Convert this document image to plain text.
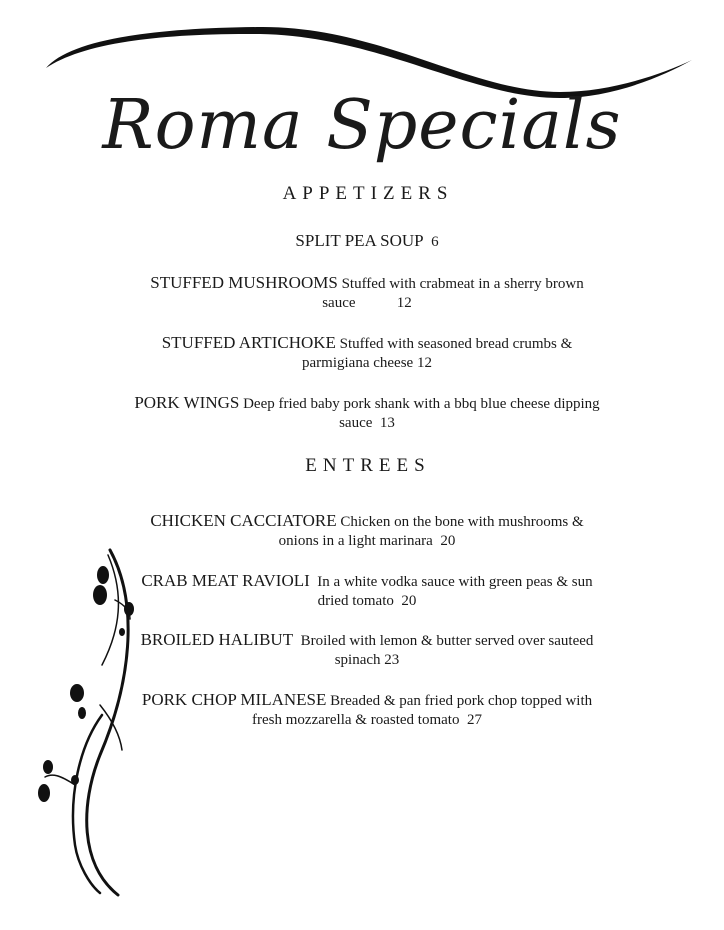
Roma Specials
APPETIZERS
SPLIT PEA SOUP 6
STUFFED MUSHROOMS Stuffed with crabmeat in a sherry brown sauce	12
STUFFED ARTICHOKE Stuffed with seasoned bread crumbs & parmigiana cheese 12
PORK WINGS Deep fried baby pork shank with a bbq blue cheese dipping sauce 13
ENTREES
CHICKEN CACCIATORE Chicken on the bone with mushrooms & onions in a light marinara 20
CRAB MEAT RAVIOLI In a white vodka sauce with green peas & sun dried tomato 20
BROILED HALIBUT Broiled with lemon & butter served over sauteed spinach 23
PORK CHOP MILANESE Breaded & pan fried pork chop topped with fresh mozzarella & roasted tomato 27
